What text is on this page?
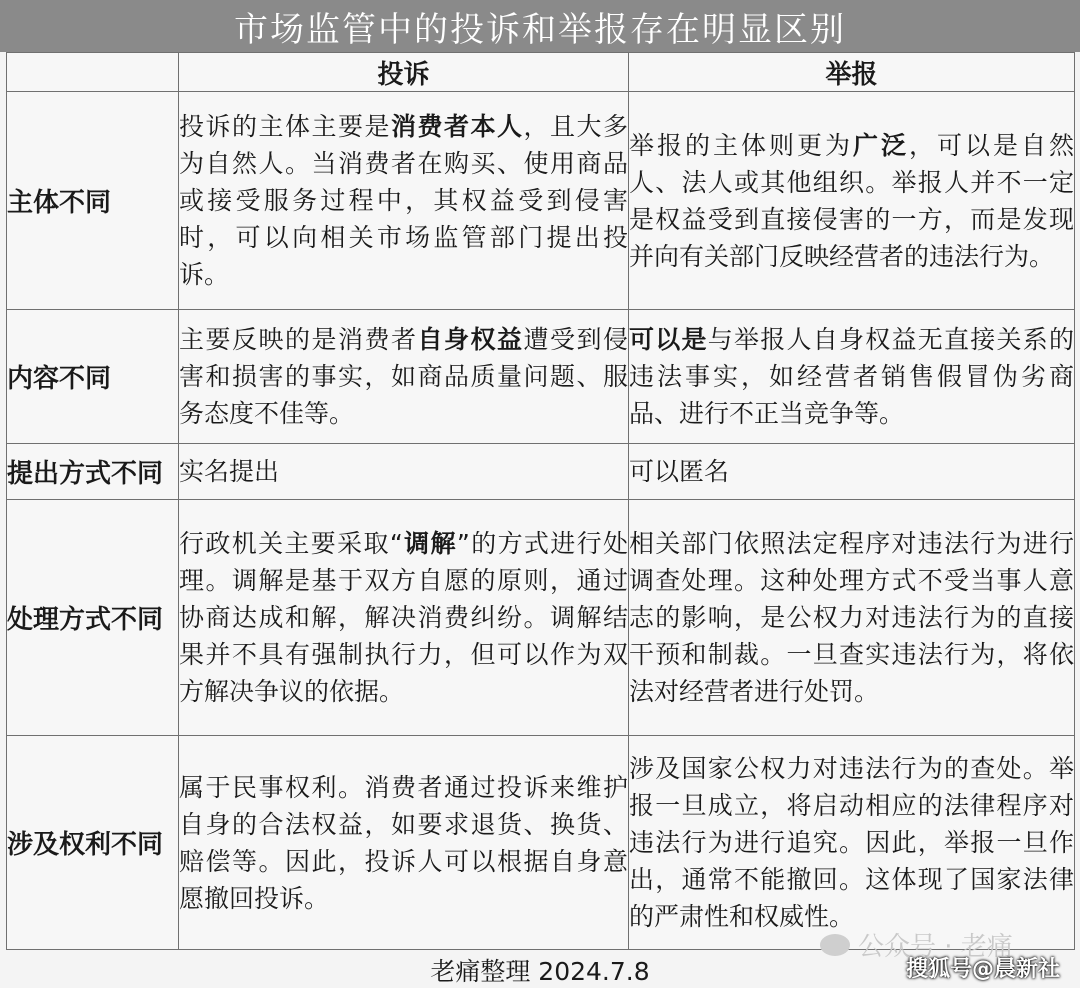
市场监管中的投诉和举报存在明显区别
	投诉	举报
主体不同	投诉的主体主要是消费者本人，且大多为自然人。当消费者在购买、使用商品或接受服务过程中，其权益受到侵害时，可以向相关市场监管部门提出投诉。	举报的主体则更为广泛，可以是自然人、法人或其他组织。举报人并不一定是权益受到直接侵害的一方，而是发现并向有关部门反映经营者的违法行为。
内容不同	主要反映的是消费者自身权益遭受到侵害和损害的事实，如商品质量问题、服务态度不佳等。	可以是与举报人自身权益无直接关系的违法事实，如经营者销售假冒伪劣商品、进行不正当竞争等。
提出方式不同	实名提出	可以匿名
处理方式不同	行政机关主要采取“调解”的方式进行处理。调解是基于双方自愿的原则，通过协商达成和解，解决消费纠纷。调解结果并不具有强制执行力，但可以作为双方解决争议的依据。	相关部门依照法定程序对违法行为进行调查处理。这种处理方式不受当事人意志的影响，是公权力对违法行为的直接干预和制裁。一旦查实违法行为，将依法对经营者进行处罚。
涉及权利不同	属于民事权利。消费者通过投诉来维护自身的合法权益，如要求退货、换货、赔偿等。因此，投诉人可以根据自身意愿撤回投诉。	涉及国家公权力对违法行为的查处。举报一旦成立，将启动相应的法律程序对违法行为进行追究。因此，举报一旦作出，通常不能撤回。这体现了国家法律的严肃性和权威性。
公众号 · 老痛
老痛整理 2024.7.8	搜狐号@晨新社
